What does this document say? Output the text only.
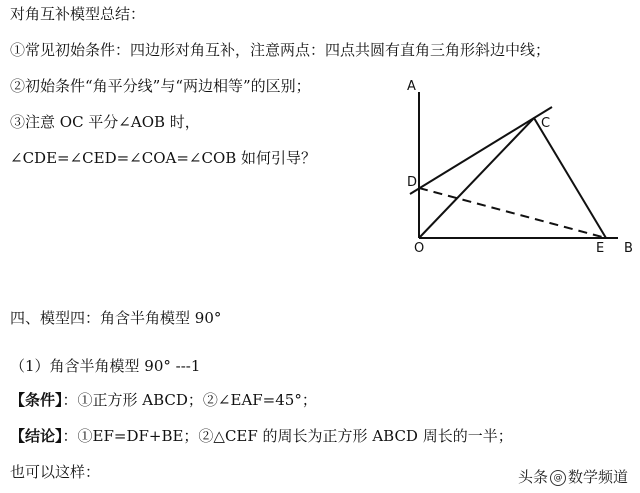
对角互补模型总结：
①常见初始条件：四边形对角互补，注意两点：四点共圆有直角三角形斜边中线；
②初始条件“角平分线”与“两边相等”的区别；
③注意 OC 平分∠AOB 时，
∠CDE=∠CED=∠COA=∠COB 如何引导？
A
C
D
O	E B
四、模型四：角含半角模型 90°
（1）角含半角模型 90° ---1
【条件】：①正方形 ABCD；②∠EAF=45°；
【结论】：①EF=DF+BE；②△CEF 的周长为正方形 ABCD 周长的一半；
也可以这样：	头条 @ 数学频道
